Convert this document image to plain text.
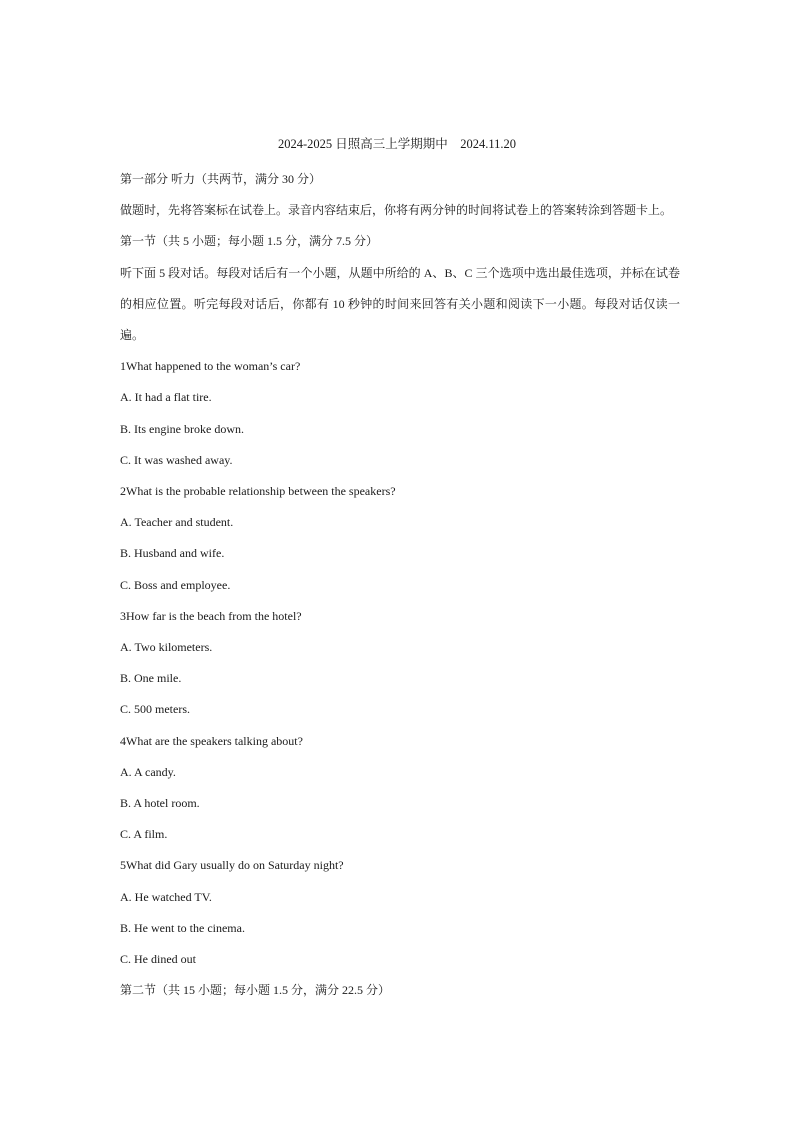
2024-2025 日照高三上学期期中　2024.11.20

第一部分 听力（共两节，满分 30 分）

做题时，先将答案标在试卷上。录音内容结束后，你将有两分钟的时间将试卷上的答案转涂到答题卡上。

第一节（共 5 小题；每小题 1.5 分，满分 7.5 分）

听下面 5 段对话。每段对话后有一个小题，从题中所给的 A、B、C 三个选项中选出最佳选项，并标在试卷的相应位置。听完每段对话后，你都有 10 秒钟的时间来回答有关小题和阅读下一小题。每段对话仅读一遍。

1What happened to the woman’s car?

A. It had a flat tire.

B. Its engine broke down.

C. It was washed away.

2What is the probable relationship between the speakers?

A. Teacher and student.

B. Husband and wife.

C. Boss and employee.

3How far is the beach from the hotel?

A. Two kilometers.

B. One mile.

C. 500 meters.

4What are the speakers talking about?

A. A candy.

B. A hotel room.

C. A film.

5What did Gary usually do on Saturday night?

A. He watched TV.

B. He went to the cinema.

C. He dined out

第二节（共 15 小题；每小题 1.5 分，满分 22.5 分）
